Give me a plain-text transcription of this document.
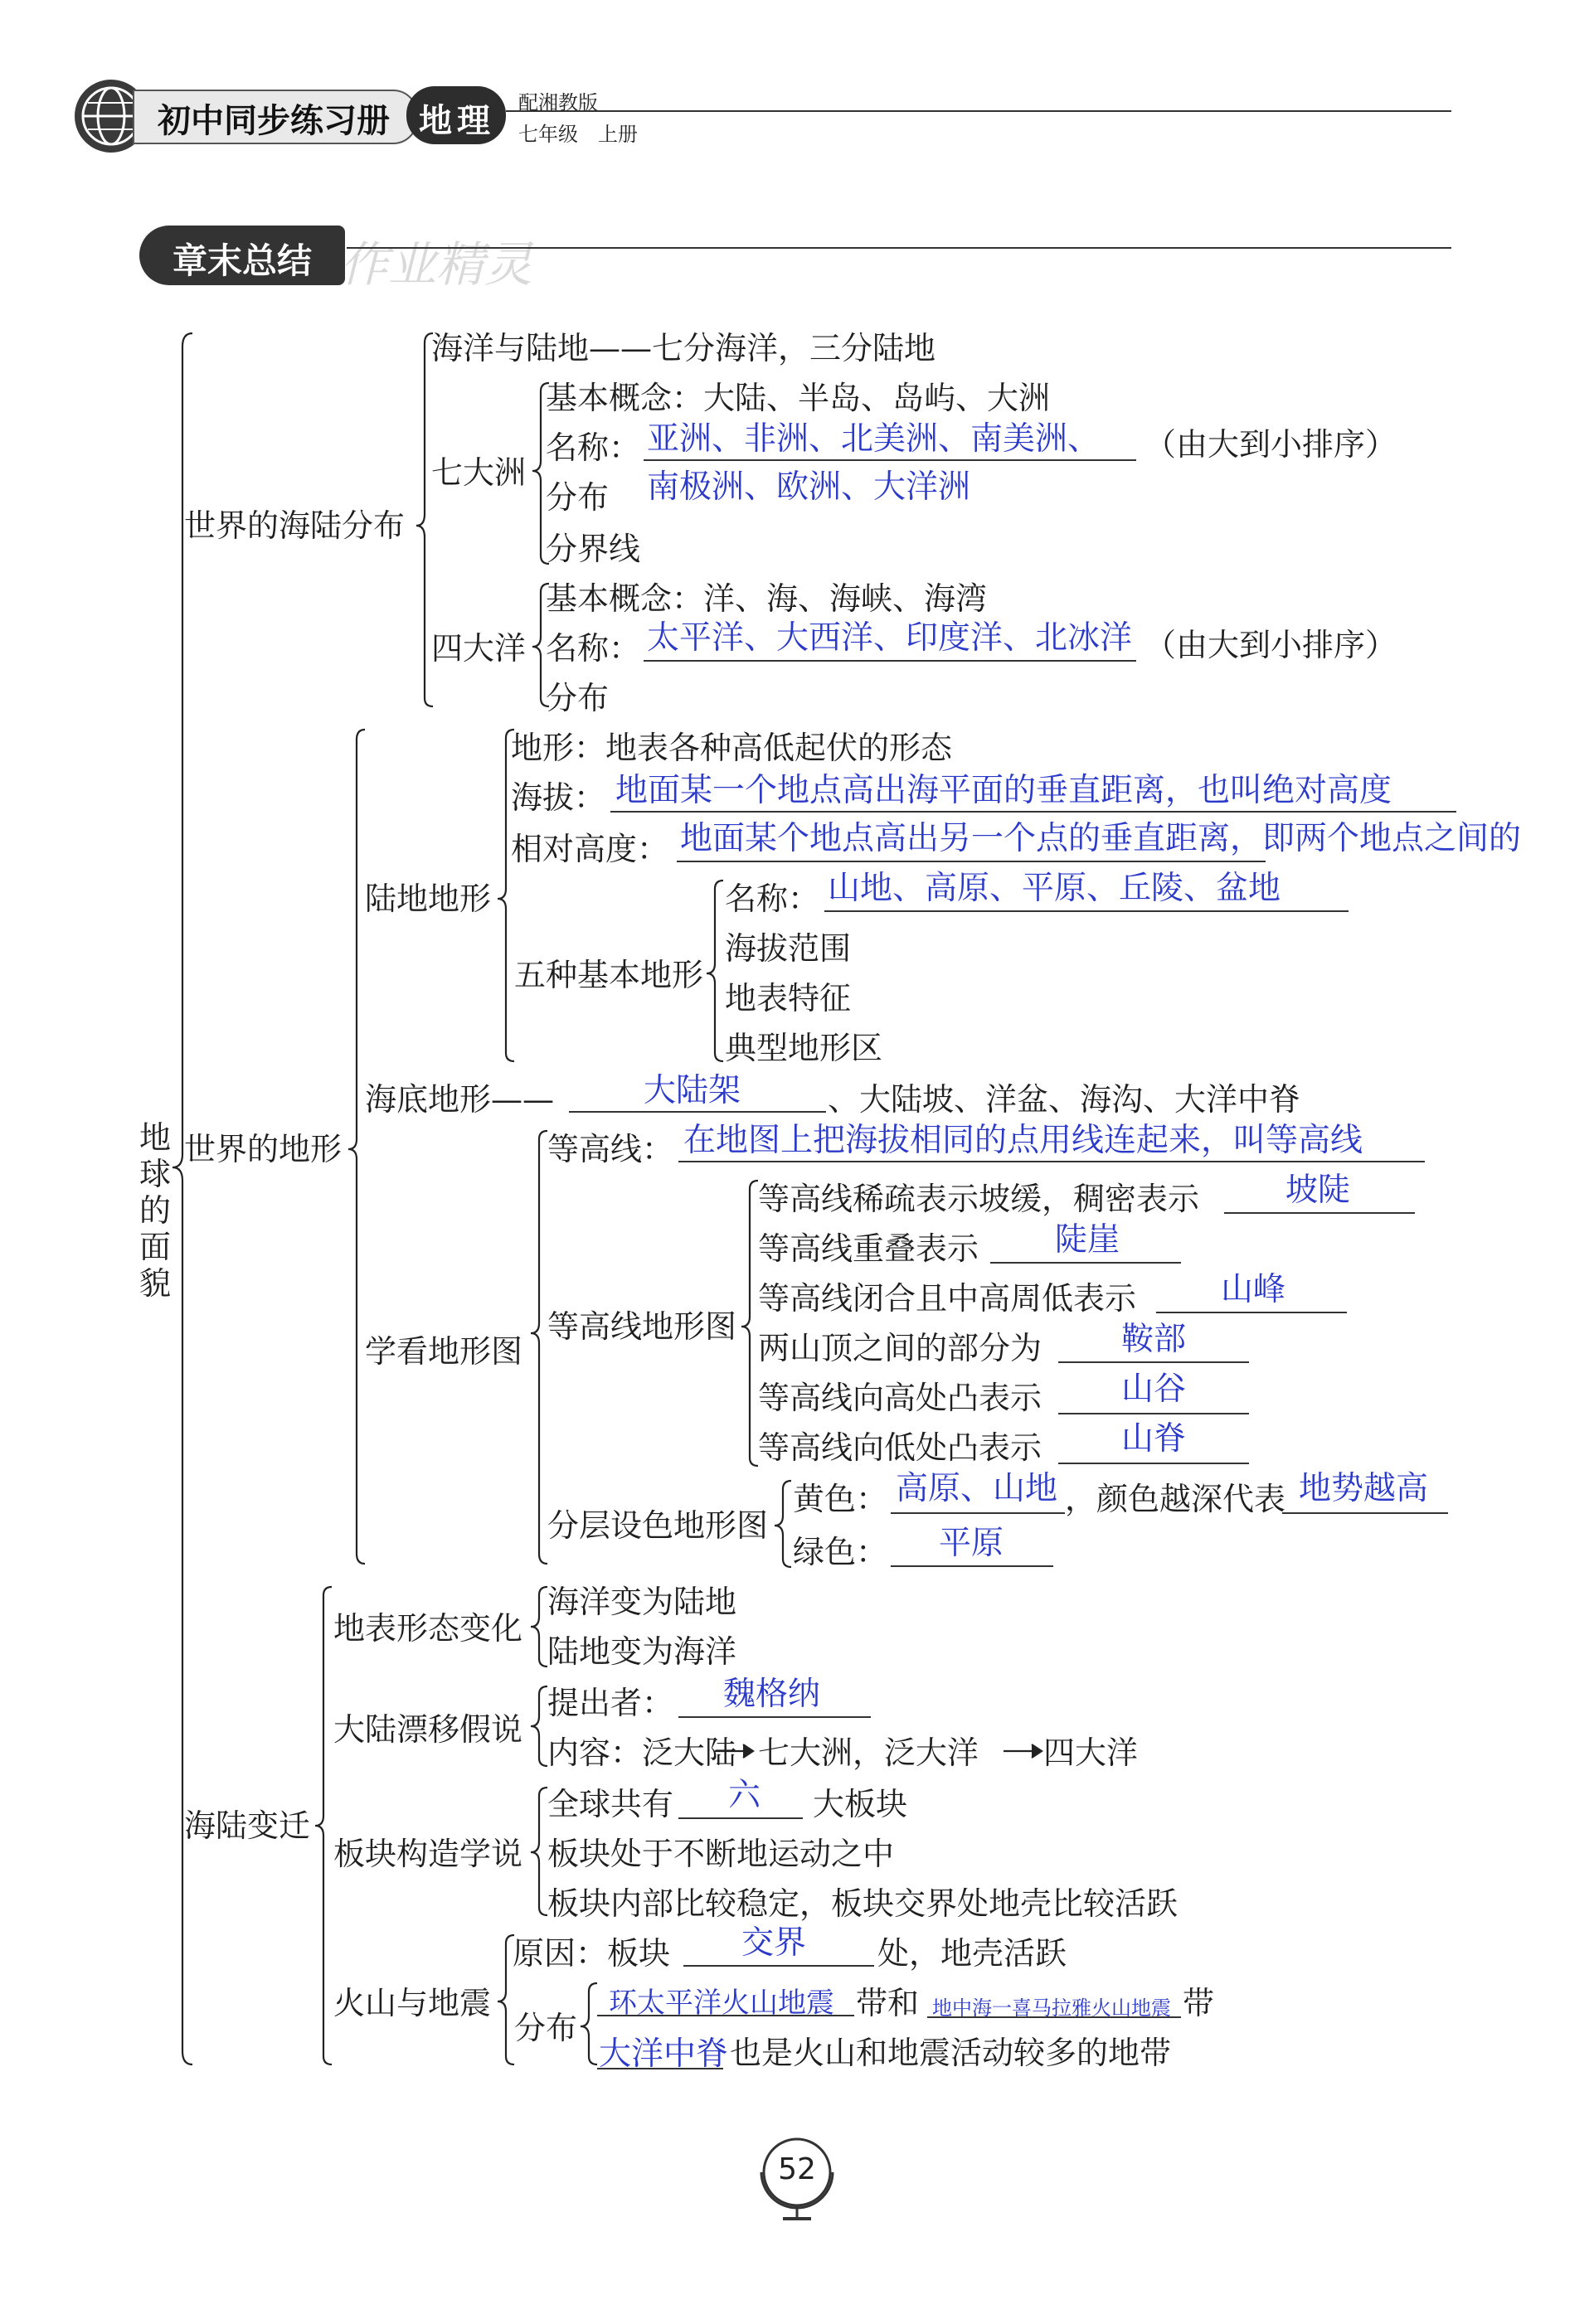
初中同步练习册 地理 配湘教版
七年级　上册
章末总结 作业精灵
地球的面貌
世界的海陆分布
海洋与陆地——七分海洋，三分陆地
七大洲
基本概念：大陆、半岛、岛屿、大洲
名称： 亚洲、非洲、北美洲、南美洲、 （由大到小排序）
南极洲、欧洲、大洋洲
分布
分界线
四大洋
基本概念：洋、海、海峡、海湾
名称： 太平洋、大西洋、印度洋、北冰洋 （由大到小排序）
分布
世界的地形
陆地地形
地形：地表各种高低起伏的形态
海拔： 地面某一个地点高出海平面的垂直距离，也叫绝对高度
相对高度： 地面某个地点高出另一个点的垂直距离，即两个地点之间的
五种基本地形
名称： 山地、高原、平原、丘陵、盆地
海拔范围
地表特征
典型地形区
海底地形——	大陆架	、大陆坡、洋盆、海沟、大洋中脊
学看地形图
等高线： 在地图上把海拔相同的点用线连起来，叫等高线
等高线地形图
等高线稀疏表示坡缓，稠密表示	坡陡
等高线重叠表示 陡崖
等高线闭合且中高周低表示	山峰
两山顶之间的部分为 鞍部
等高线向高处凸表示 山谷
等高线向低处凸表示 山脊
分层设色地形图
黄色： 高原、山地 ，颜色越深代表 地势越高
绿色： 平原
海陆变迁
地表形态变化
海洋变为陆地
陆地变为海洋
大陆漂移假说
提出者： 魏格纳
内容：泛大陆 七大洲，泛大洋 四大洋
板块构造学说
全球共有 六 大板块
板块处于不断地运动之中
板块内部比较稳定，板块交界处地壳比较活跃
火山与地震
原因：板块 交界 处，地壳活跃
分布
环太平洋火山地震 带和 地中海一喜马拉雅火山地震 带
大洋中脊 也是火山和地震活动较多的地带
52
